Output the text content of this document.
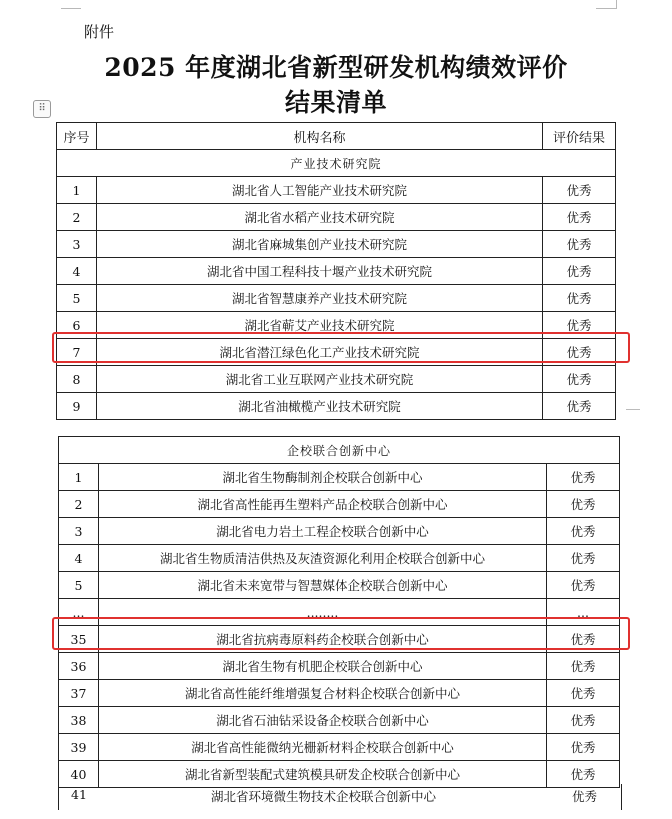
附件
2025 年度湖北省新型研发机构绩效评价
结果清单
⠿
序号	机构名称	评价结果
产业技术研究院		
1	湖北省人工智能产业技术研究院	优秀
2	湖北省水稻产业技术研究院	优秀
3	湖北省麻城集创产业技术研究院	优秀
4	湖北省中国工程科技十堰产业技术研究院	优秀
5	湖北省智慧康养产业技术研究院	优秀
6	湖北省蕲艾产业技术研究院	优秀
7	湖北省潜江绿色化工产业技术研究院	优秀
8	湖北省工业互联网产业技术研究院	优秀
9	湖北省油橄榄产业技术研究院	优秀
企校联合创新中心		
1	湖北省生物酶制剂企校联合创新中心	优秀
2	湖北省高性能再生塑料产品企校联合创新中心	优秀
3	湖北省电力岩土工程企校联合创新中心	优秀
4	湖北省生物质清洁供热及灰渣资源化利用企校联合创新中心	优秀
5	湖北省未来宽带与智慧媒体企校联合创新中心	优秀
...	........	...
35	湖北省抗病毒原料药企校联合创新中心	优秀
36	湖北省生物有机肥企校联合创新中心	优秀
37	湖北省高性能纤维增强复合材料企校联合创新中心	优秀
38	湖北省石油钻采设备企校联合创新中心	优秀
39	湖北省高性能微纳光栅新材料企校联合创新中心	优秀
40	湖北省新型装配式建筑模具研发企校联合创新中心	优秀
41	湖北省环境微生物技术企校联合创新中心	优秀
